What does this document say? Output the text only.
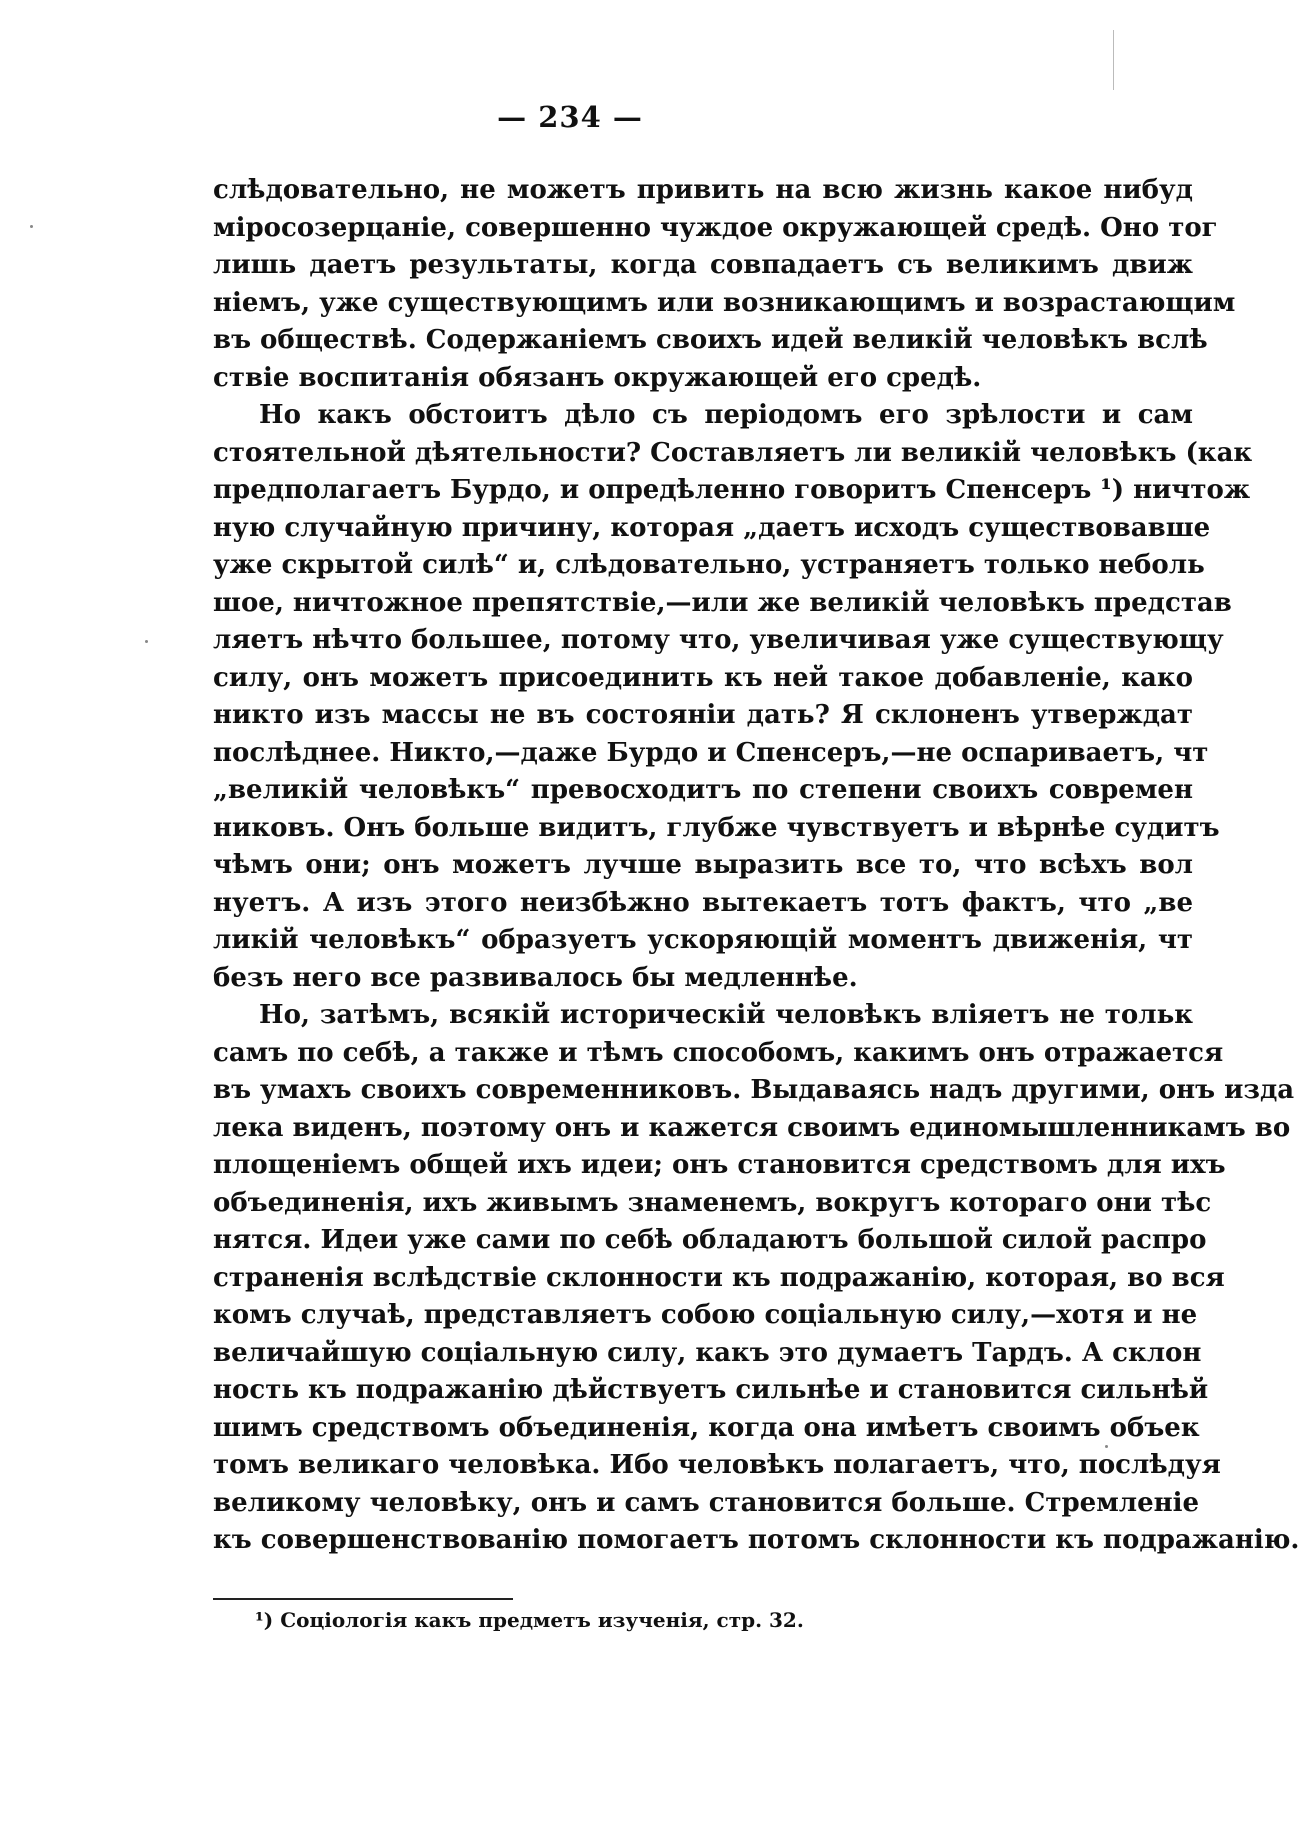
— 234 —
слѣдовательно, не можетъ привить на всю жизнь какое нибуд
міросозерцаніе, совершенно чуждое окружающей средѣ. Оно тог
лишь даетъ результаты, когда совпадаетъ съ великимъ движ
ніемъ, уже существующимъ или возникающимъ и возрастающим
въ обществѣ. Содержаніемъ своихъ идей великій человѣкъ вслѣ
ствіе воспитанія обязанъ окружающей его средѣ.
Но какъ обстоитъ дѣло съ періодомъ его зрѣлости и сам
стоятельной дѣятельности? Составляетъ ли великій человѣкъ (как
предполагаетъ Бурдо, и опредѣленно говоритъ Спенсеръ ¹) ничтож
ную случайную причину, которая „даетъ исходъ существовавше
уже скрытой силѣ“ и, слѣдовательно, устраняетъ только неболь
шое, ничтожное препятствіе,—или же великій человѣкъ представ
ляетъ нѣчто большее, потому что, увеличивая уже существующу
силу, онъ можетъ присоединить къ ней такое добавленіе, како
никто изъ массы не въ состояніи дать? Я склоненъ утверждат
послѣднее. Никто,—даже Бурдо и Спенсеръ,—не оспариваетъ, чт
„великій человѣкъ“ превосходитъ по степени своихъ современ
никовъ. Онъ больше видитъ, глубже чувствуетъ и вѣрнѣе судитъ
чѣмъ они; онъ можетъ лучше выразить все то, что всѣхъ вол
нуетъ. А изъ этого неизбѣжно вытекаетъ тотъ фактъ, что „ве
ликій человѣкъ“ образуетъ ускоряющій моментъ движенія, чт
безъ него все развивалось бы медленнѣе.
Но, затѣмъ, всякій историческій человѣкъ вліяетъ не тольк
самъ по себѣ, а также и тѣмъ способомъ, какимъ онъ отражается
въ умахъ своихъ современниковъ. Выдаваясь надъ другими, онъ изда
лека виденъ, поэтому онъ и кажется своимъ единомышленникамъ во
площеніемъ общей ихъ идеи; онъ становится средствомъ для ихъ
объединенія, ихъ живымъ знаменемъ, вокругъ котораго они тѣс
нятся. Идеи уже сами по себѣ обладаютъ большой силой распро
страненія вслѣдствіе склонности къ подражанію, которая, во вся
комъ случаѣ, представляетъ собою соціальную силу,—хотя и не
величайшую соціальную силу, какъ это думаетъ Тардъ. А склон
ность къ подражанію дѣйствуетъ сильнѣе и становится сильнѣй
шимъ средствомъ объединенія, когда она имѣетъ своимъ объек
томъ великаго человѣка. Ибо человѣкъ полагаетъ, что, послѣдуя
великому человѣку, онъ и самъ становится больше. Стремленіе
къ совершенствованію помогаетъ потомъ склонности къ подражанію.
¹) Соціологія какъ предметъ изученія, стр. 32.
